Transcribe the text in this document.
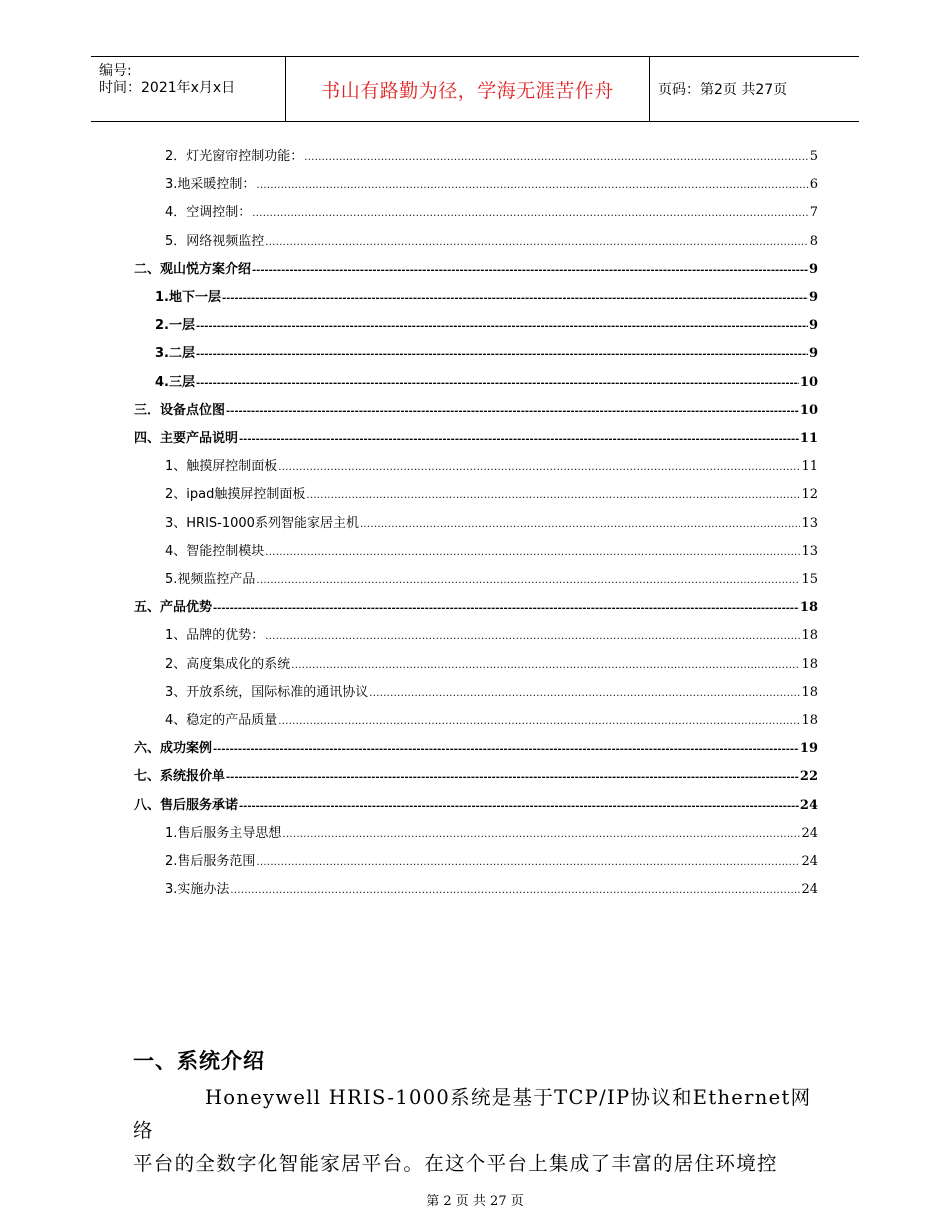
编号:
时间：2021年x月x日	书山有路勤为径，学海无涯苦作舟	页码：第2页 共27页
2．灯光窗帘控制功能： .....	5
3.地采暖控制： .....	6
4．空调控制： .....	7
5．网络视频监控 .....	8
二、观山悦方案介绍 -----	9
1.地下一层 -----	9
2.一层 -----	9
3.二层 -----	9
4.三层 -----	10
三．设备点位图 -----	10
四、主要产品说明 -----	11
1、触摸屏控制面板 .....	11
2、ipad触摸屏控制面板 .....	12
3、HRIS-1000系列智能家居主机 .....	13
4、智能控制模块 .....	13
5.视频监控产品 .....	15
五、产品优势 -----	18
1、品牌的优势： .....	18
2、高度集成化的系统 .....	18
3、开放系统，国际标准的通讯协议 .....	18
4、稳定的产品质量 .....	18
六、成功案例 -----	19
七、系统报价单 -----	22
八、售后服务承诺 -----	24
1.售后服务主导思想 .....	24
2.售后服务范围 .....	24
3.实施办法 .....	24
一、系统介绍

Honeywell HRIS-1000系统是基于TCP/IP协议和Ethernet网络

平台的全数字化智能家居平台。在这个平台上集成了丰富的居住环境控

第 2 页 共 27 页
